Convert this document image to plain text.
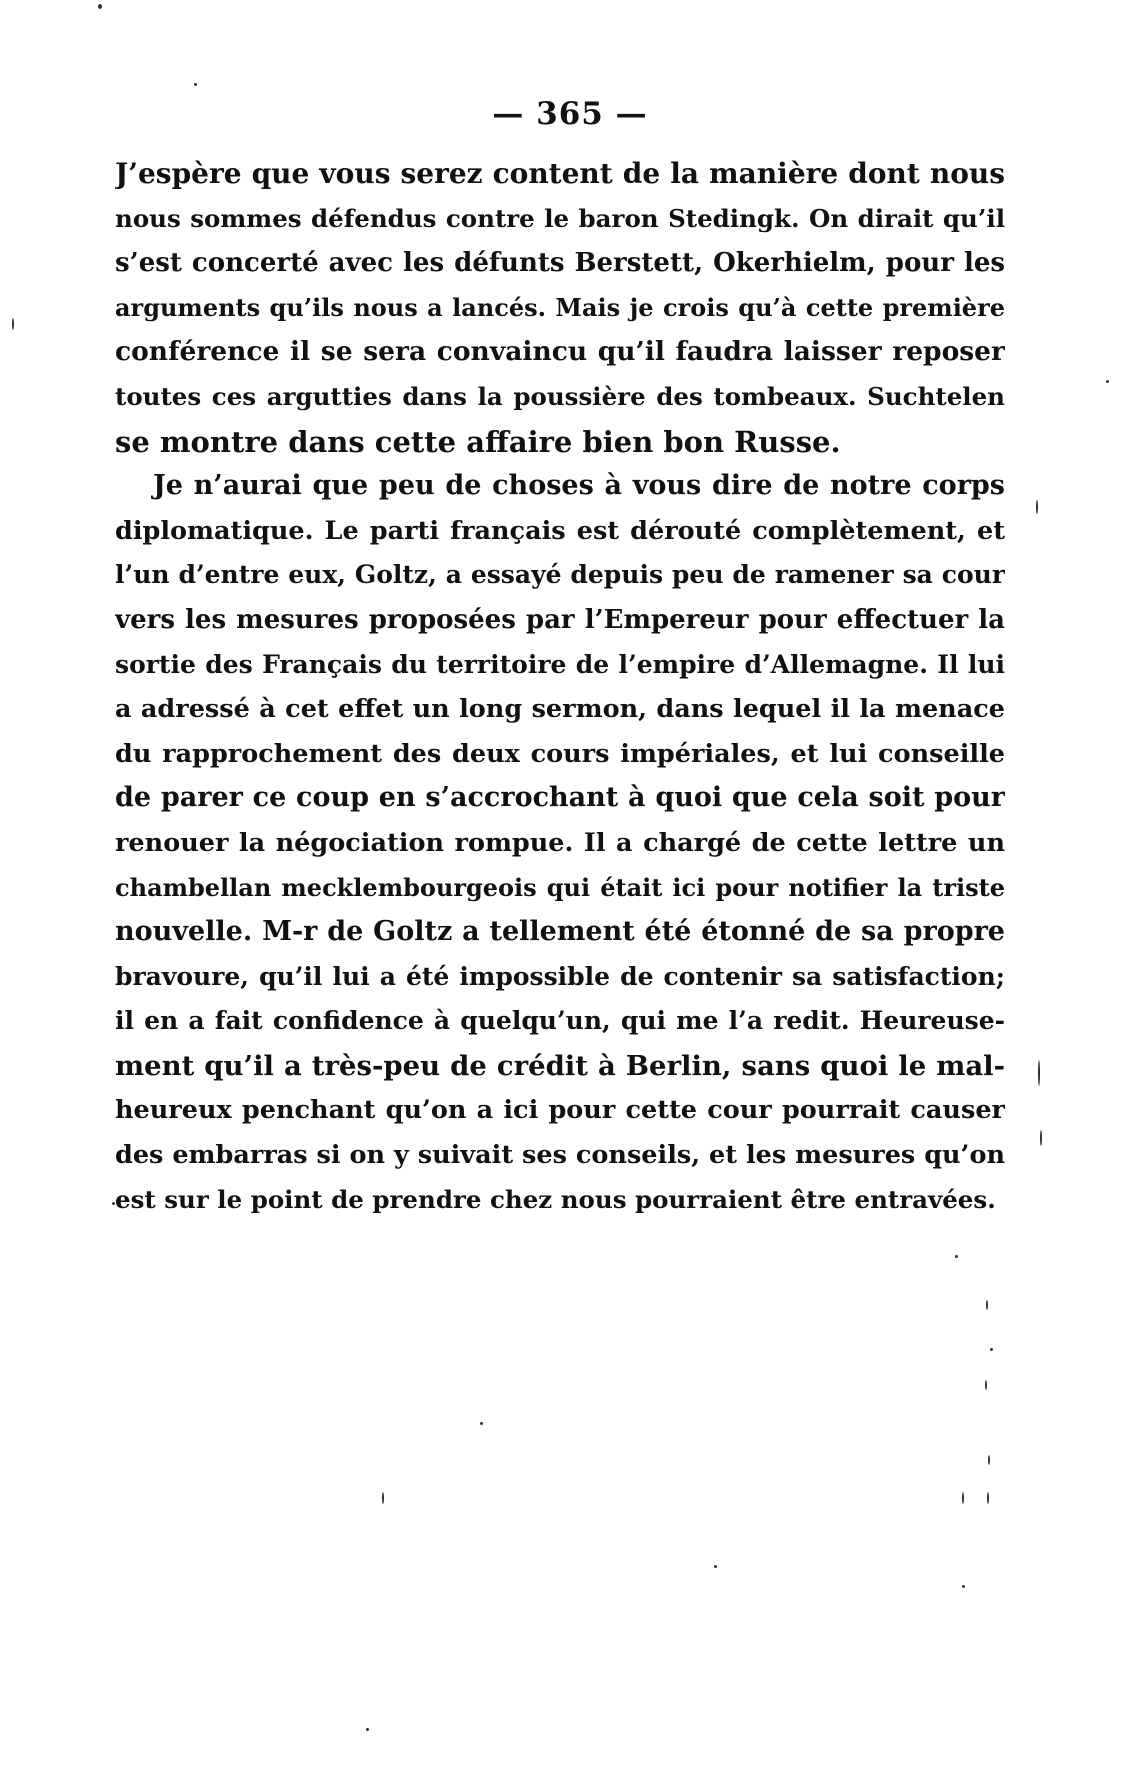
— 365 —
J’espère que vous serez content de la manière dont nous
nous sommes défendus contre le baron Stedingk. On dirait qu’il
s’est concerté avec les défunts Berstett, Okerhielm, pour les
arguments qu’ils nous a lancés. Mais je crois qu’à cette première
conférence il se sera convaincu qu’il faudra laisser reposer
toutes ces argutties dans la poussière des tombeaux. Suchtelen
se montre dans cette affaire bien bon Russe.
Je n’aurai que peu de choses à vous dire de notre corps
diplomatique. Le parti français est dérouté complètement, et
l’un d’entre eux, Goltz, a essayé depuis peu de ramener sa cour
vers les mesures proposées par l’Empereur pour effectuer la
sortie des Français du territoire de l’empire d’Allemagne. Il lui
a adressé à cet effet un long sermon, dans lequel il la menace
du rapprochement des deux cours impériales, et lui conseille
de parer ce coup en s’accrochant à quoi que cela soit pour
renouer la négociation rompue. Il a chargé de cette lettre un
chambellan mecklembourgeois qui était ici pour notifier la triste
nouvelle. M-r de Goltz a tellement été étonné de sa propre
bravoure, qu’il lui a été impossible de contenir sa satisfaction;
il en a fait confidence à quelqu’un, qui me l’a redit. Heureuse-
ment qu’il a très-peu de crédit à Berlin, sans quoi le mal-
heureux penchant qu’on a ici pour cette cour pourrait causer
des embarras si on y suivait ses conseils, et les mesures qu’on
est sur le point de prendre chez nous pourraient être entravées.
